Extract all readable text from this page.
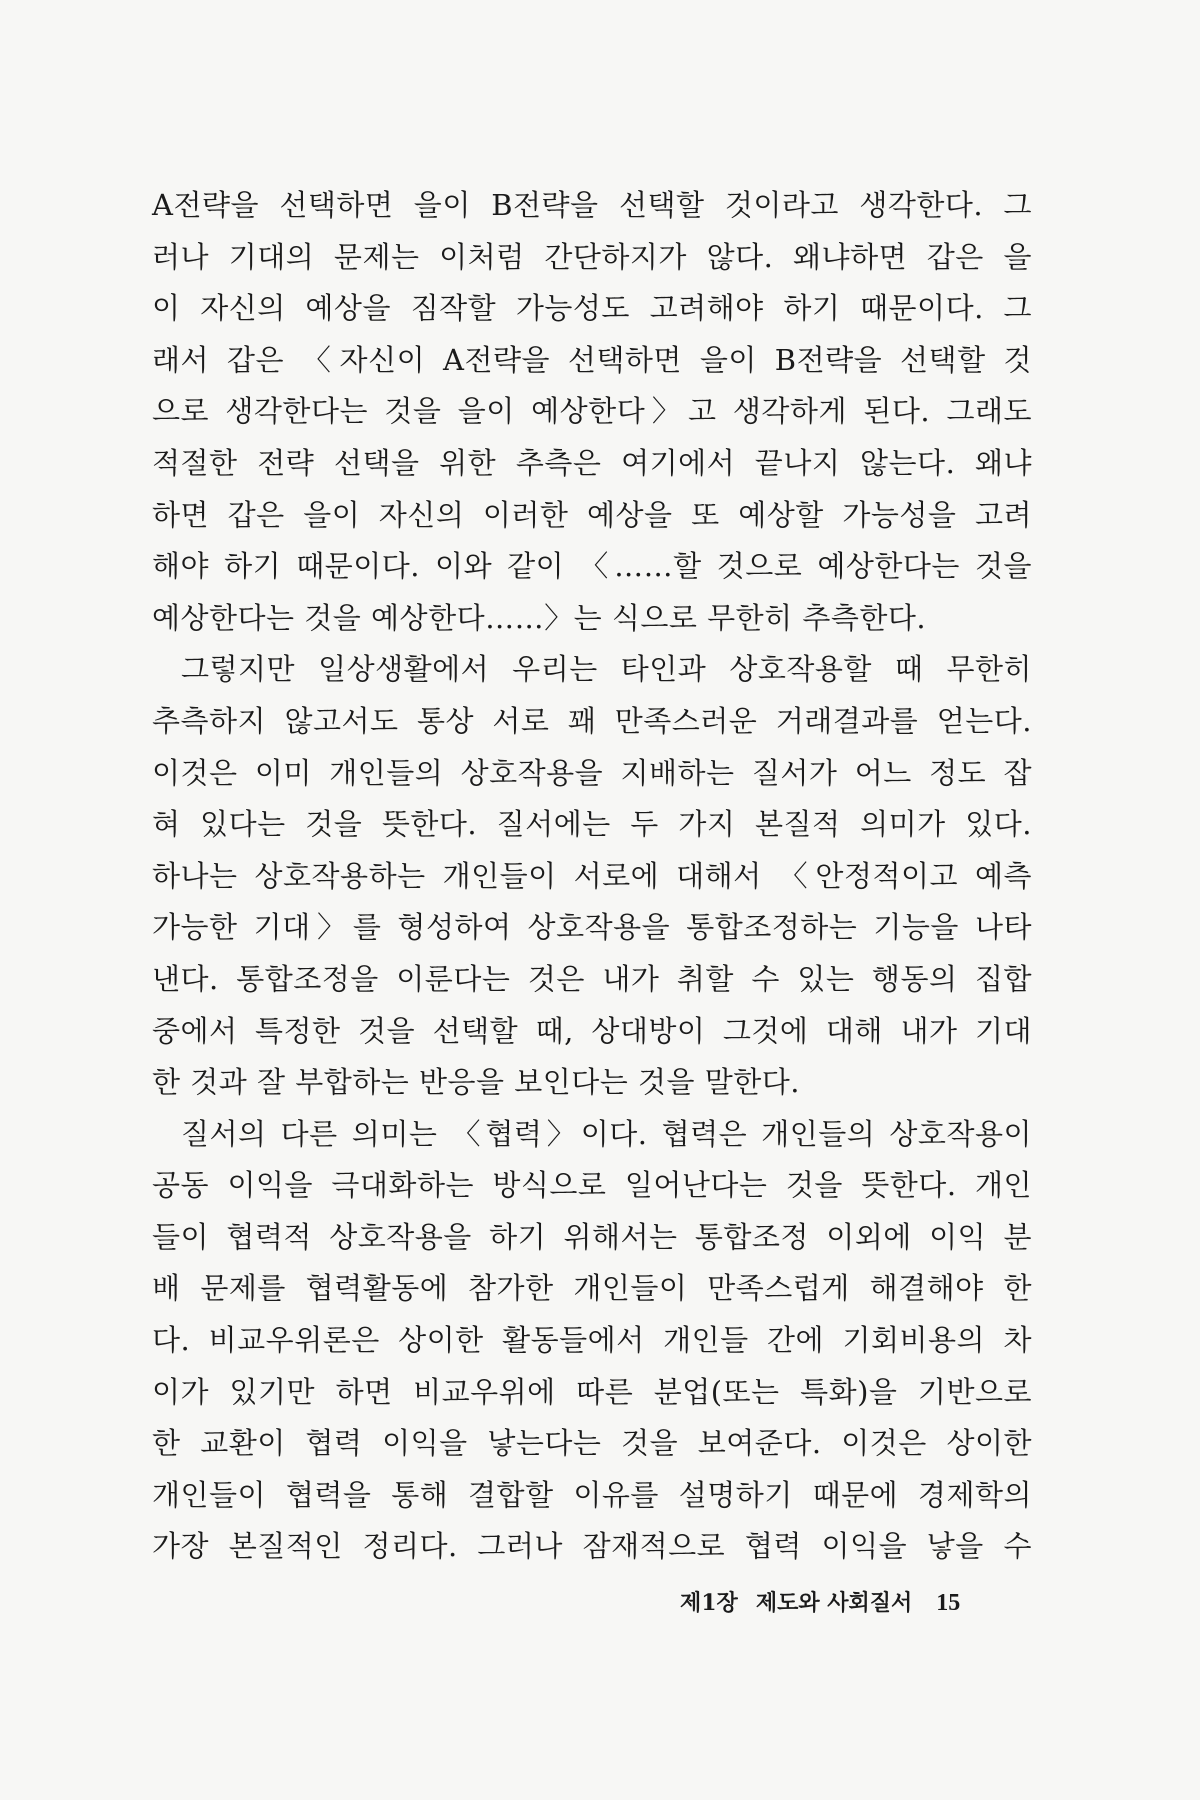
A전략을 선택하면 을이 B전략을 선택할 것이라고 생각한다. 그
러나 기대의 문제는 이처럼 간단하지가 않다. 왜냐하면 갑은 을
이 자신의 예상을 짐작할 가능성도 고려해야 하기 때문이다. 그
래서 갑은 〈자신이 A전략을 선택하면 을이 B전략을 선택할 것
으로 생각한다는 것을 을이 예상한다〉고 생각하게 된다. 그래도
적절한 전략 선택을 위한 추측은 여기에서 끝나지 않는다. 왜냐
하면 갑은 을이 자신의 이러한 예상을 또 예상할 가능성을 고려
해야 하기 때문이다. 이와 같이 〈……할 것으로 예상한다는 것을
예상한다는 것을 예상한다……〉는 식으로 무한히 추측한다.
그렇지만 일상생활에서 우리는 타인과 상호작용할 때 무한히
추측하지 않고서도 통상 서로 꽤 만족스러운 거래결과를 얻는다.
이것은 이미 개인들의 상호작용을 지배하는 질서가 어느 정도 잡
혀 있다는 것을 뜻한다. 질서에는 두 가지 본질적 의미가 있다.
하나는 상호작용하는 개인들이 서로에 대해서 〈안정적이고 예측
가능한 기대〉를 형성하여 상호작용을 통합조정하는 기능을 나타
낸다. 통합조정을 이룬다는 것은 내가 취할 수 있는 행동의 집합
중에서 특정한 것을 선택할 때, 상대방이 그것에 대해 내가 기대
한 것과 잘 부합하는 반응을 보인다는 것을 말한다.
질서의 다른 의미는 〈협력〉이다. 협력은 개인들의 상호작용이
공동 이익을 극대화하는 방식으로 일어난다는 것을 뜻한다. 개인
들이 협력적 상호작용을 하기 위해서는 통합조정 이외에 이익 분
배 문제를 협력활동에 참가한 개인들이 만족스럽게 해결해야 한
다. 비교우위론은 상이한 활동들에서 개인들 간에 기회비용의 차
이가 있기만 하면 비교우위에 따른 분업(또는 특화)을 기반으로
한 교환이 협력 이익을 낳는다는 것을 보여준다. 이것은 상이한
개인들이 협력을 통해 결합할 이유를 설명하기 때문에 경제학의
가장 본질적인 정리다. 그러나 잠재적으로 협력 이익을 낳을 수
제1장 제도와 사회질서 15
